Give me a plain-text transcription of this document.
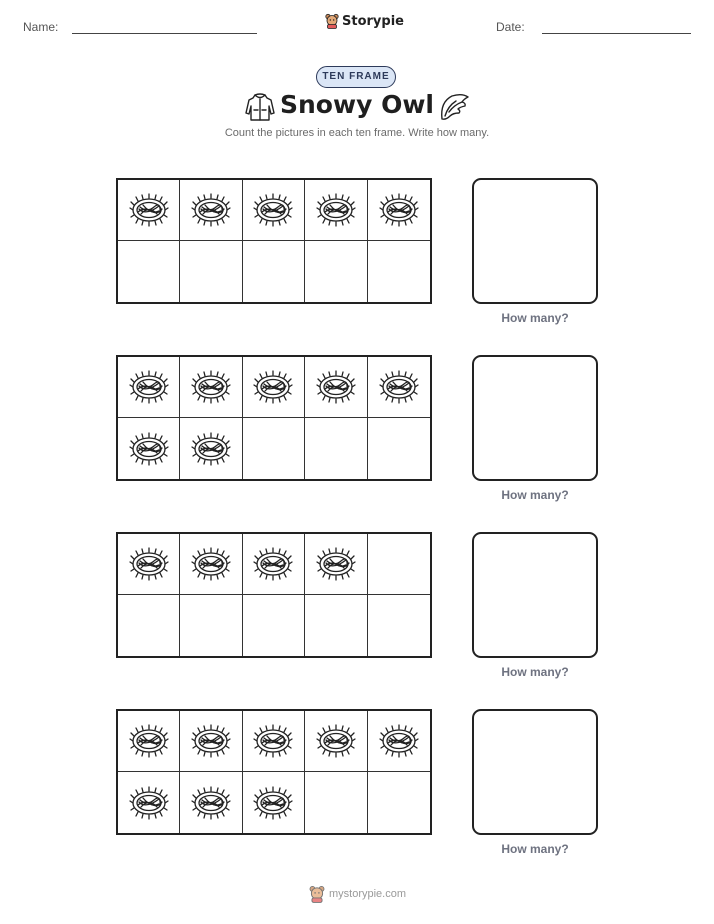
Name:	Storypie	Date:
TEN FRAME
Snowy Owl
Count the pictures in each ten frame. Write how many.
How many?
How many?
How many?
How many?
mystorypie.com
